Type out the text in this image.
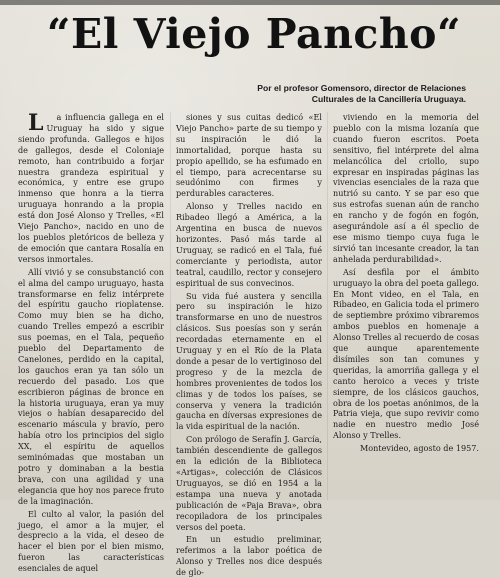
“El Viejo Pancho“
Por el profesor Gomensoro, director de Relaciones
Culturales de la Cancillería Uruguaya.

L a influencia gallega en el Uruguay ha sido y sigue siendo profunda. Gallegos e hijos de gallegos, desde el Coloniaje remoto, han contribuido a forjar nuestra grandeza espiritual y económica, y entre ese grupo inmenso que honra a la tierra uruguaya honrando a la propia está don José Alonso y Trelles, «El Viejo Pancho», nacido en uno de los pueblos pletóricos de belleza y de emoción que cantara Rosalía en versos inmortales.

Allí vivió y se consubstanció con el alma del campo uruguayo, hasta transformarse en feliz intérprete del espíritu gaucho rioplatense. Como muy bien se ha dicho, cuando Trelles empezó a escribir sus poemas, en el Tala, pequeño pueblo del Departamento de Canelones, perdido en la capital, los gauchos eran ya tan sólo un recuerdo del pasado. Los que escribieron páginas de bronce en la historia uruguaya, eran ya muy viejos o habían desaparecido del escenario máscula y bravío, pero había otro los principios del siglo XX, el espíritu de aquellos seminómadas que mostaban un potro y dominaban a la bestia brava, con una agilidad y una elegancia que hoy nos parece fruto de la imaginación.

El culto al valor, la pasión del juego, el amor a la mujer, el desprecio a la vida, el deseo de hacer el bien por el bien mismo, fueron las características esenciales de aquel

siones y sus cuitas dedicó «El Viejo Pancho» parte de su tiempo y su inspiración le dió la inmortalidad, porque hasta su propio apellido, se ha esfumado en el tiempo, para acrecentarse su seudónimo con firmes y perdurables caracteres.

Alonso y Trelles nacido en Ribadeo llegó a América, a la Argentina en busca de nuevos horizontes. Pasó más tarde al Uruguay, se radicó en el Tala, fué comerciante y periodista, autor teatral, caudillo, rector y consejero espiritual de sus convecinos.

Su vida fué austera y sencilla pero su inspiración le hizo transformarse en uno de nuestros clásicos. Sus poesías son y serán recordadas eternamente en el Uruguay y en el Río de la Plata donde a pesar de lo vertiginoso del progreso y de la mezcla de hombres provenientes de todos los climas y de todos los países, se conserva y venera la tradición gaucha en díversas expresiones de la vida espiritual de la nación.

Con prólogo de Serafín J. García, también descendiente de gallegos en la edición de la Biblioteca «Artigas», colección de Clásicos Uruguayos, se dió en 1954 a la estampa una nueva y anotada publicación de «Paja Brava», obra recopiladora de los principales versos del poeta.

En un estudio preliminar, referimos a la labor poética de Alonso y Trelles nos dice después de glo-

viviendo en la memoria del pueblo con la misma lozanía que cuando fueron escritos. Poeta sensitivo, fiel intérprete del alma melancólica del criollo, supo expresar en inspiradas páginas las vivencias esenciales de la raza que nutrió su canto. Y se par eso que sus estrofas suenan aún de rancho en rancho y de fogón en fogón, asegurándole así a él speclio de ese mismo tiempo cuya fuga le sirvió tan incesante creador, la tan anhelada perdurabilidad».

Así desfila por el ámbito uruguayo la obra del poeta gallego. En Mont video, en el Tala, en Ribadeo, en Galicia toda el primero de septiembre próximo vibraremos ambos pueblos en homenaje a Alonso Trelles al recuerdo de cosas que aunque aparentemente disímiles son tan comunes y queridas, la amorriña gallega y el canto heroico a veces y triste siempre, de los clásicos gauchos, obra de los poetas anónimos, de la Patria vieja, que supo revivir como nadie en nuestro medio José Alonso y Trelles.

Montevideo, agosto de 1957.
